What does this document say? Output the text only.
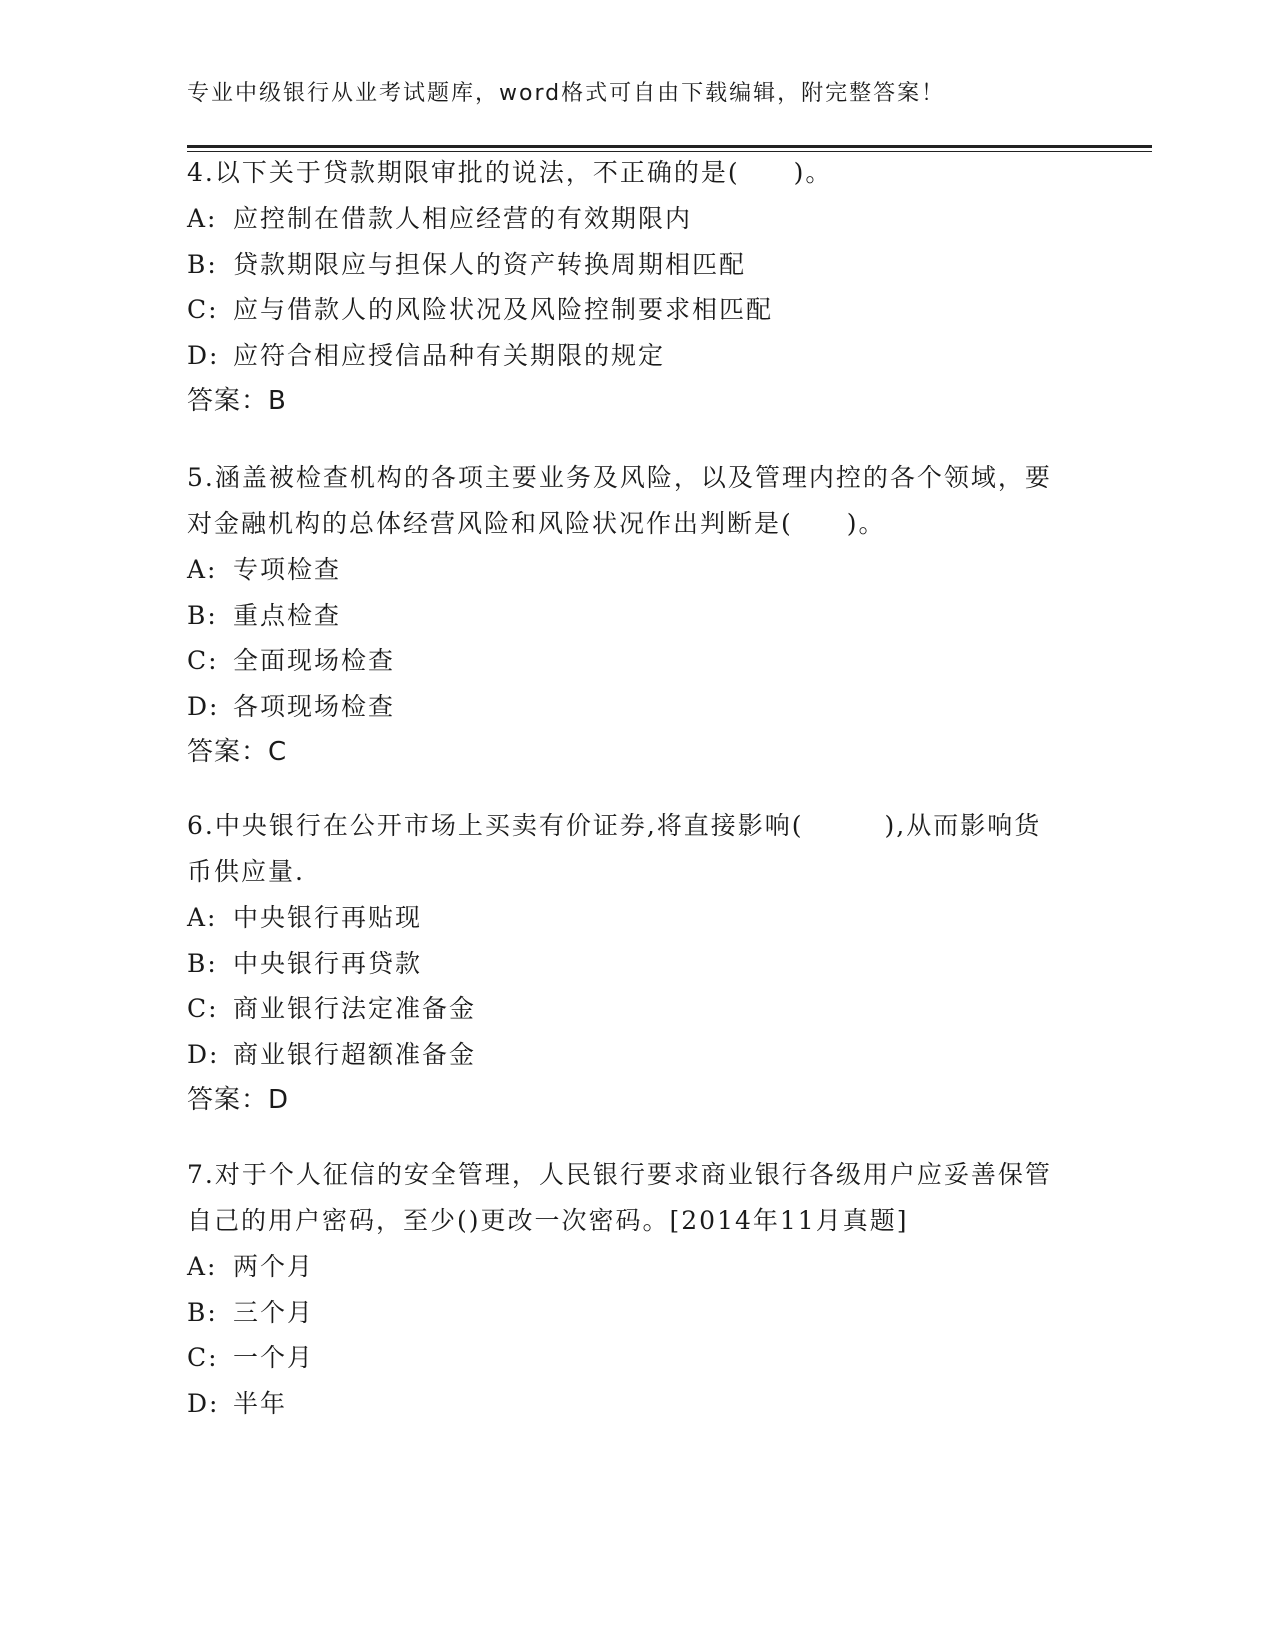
专业中级银行从业考试题库，word格式可自由下载编辑，附完整答案！

4.以下关于贷款期限审批的说法，不正确的是(　　)。

A: 应控制在借款人相应经营的有效期限内

B: 贷款期限应与担保人的资产转换周期相匹配

C: 应与借款人的风险状况及风险控制要求相匹配

D: 应符合相应授信品种有关期限的规定

答案：B

5.涵盖被检查机构的各项主要业务及风险，以及管理内控的各个领域，要对金融机构的总体经营风险和风险状况作出判断是(　　)。

A: 专项检查

B: 重点检查

C: 全面现场检查

D: 各项现场检查

答案：C

6.中央银行在公开市场上买卖有价证券,将直接影响(　　　),从而影响货币供应量.

A: 中央银行再贴现

B: 中央银行再贷款

C: 商业银行法定准备金

D: 商业银行超额准备金

答案：D

7.对于个人征信的安全管理，人民银行要求商业银行各级用户应妥善保管自己的用户密码，至少()更改一次密码。[2014年11月真题]

A: 两个月

B: 三个月

C: 一个月

D: 半年
